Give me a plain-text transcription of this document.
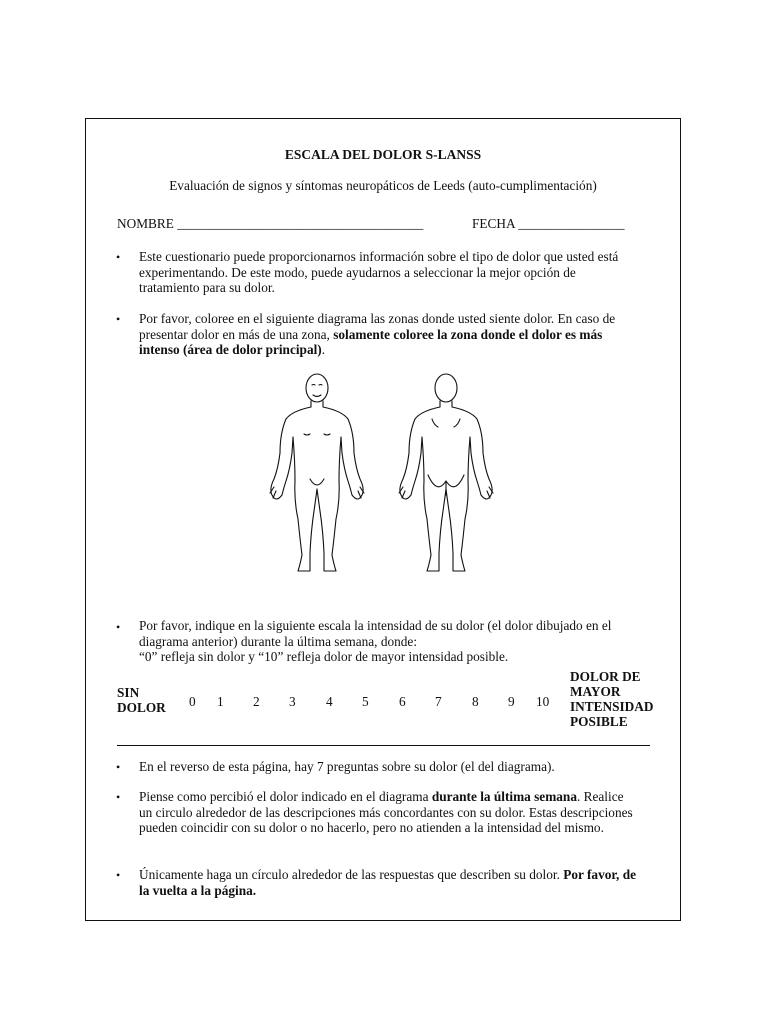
ESCALA DEL DOLOR S-LANSS
Evaluación de signos y síntomas neuropáticos de Leeds (auto-cumplimentación)
NOMBRE _____________________________________	FECHA ________________
• Este cuestionario puede proporcionarnos información sobre el tipo de dolor que usted está experimentando. De este modo, puede ayudarnos a seleccionar la mejor opción de tratamiento para su dolor.
• Por favor, coloree en el siguiente diagrama las zonas donde usted siente dolor. En caso de presentar dolor en más de una zona, solamente coloree la zona donde el dolor es más intenso (área de dolor principal).
• Por favor, indique en la siguiente escala la intensidad de su dolor (el dolor dibujado en el diagrama anterior) durante la última semana, donde:
“0” refleja sin dolor y “10” refleja dolor de mayor intensidad posible.
SIN
DOLOR 0 1 2 3 4 5 6 7 8 9 10
DOLOR DE
MAYOR
INTENSIDAD
POSIBLE
• En el reverso de esta página, hay 7 preguntas sobre su dolor (el del diagrama).
• Piense como percibió el dolor indicado en el diagrama durante la última semana. Realice un circulo alrededor de las descripciones más concordantes con su dolor. Estas descripciones pueden coincidir con su dolor o no hacerlo, pero no atienden a la intensidad del mismo.
• Únicamente haga un círculo alrededor de las respuestas que describen su dolor. Por favor, de la vuelta a la página.
